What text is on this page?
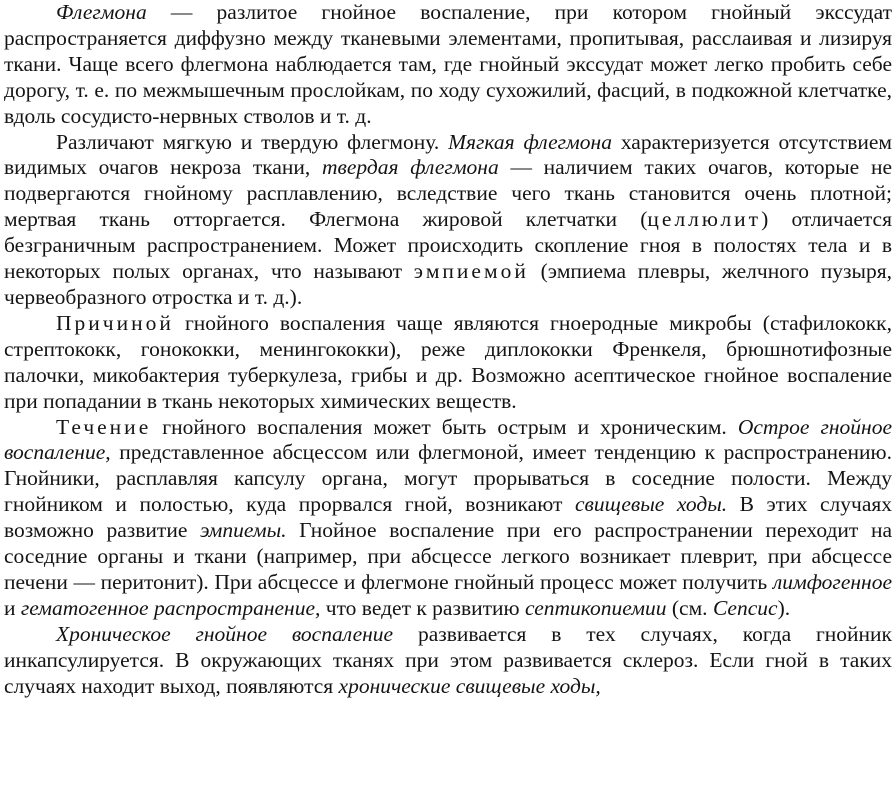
Флегмона — разлитое гнойное воспаление, при котором гнойный экссудат распространяется диффузно между тканевыми элементами, пропитывая, расслаивая и лизируя ткани. Чаще всего флегмона наблюдается там, где гнойный экссудат может легко пробить себе дорогу, т. е. по межмышечным прослойкам, по ходу сухожилий, фасций, в подкожной клетчатке, вдоль сосудисто-нервных стволов и т. д.

Различают мягкую и твердую флегмону. Мягкая флегмона характеризуется отсутствием видимых очагов некроза ткани, твердая флегмона — наличием таких очагов, которые не подвергаются гнойному расплавлению, вследствие чего ткань становится очень плотной; мертвая ткань отторгается. Флегмона жировой клетчатки (целлюлит) отличается безграничным распространением. Может происходить скопление гноя в полостях тела и в некоторых полых органах, что называют эмпиемой (эмпиема плевры, желчного пузыря, червеобразного отростка и т. д.).

Причиной гнойного воспаления чаще являются гноеродные микробы (стафилококк, стрептококк, гонококки, менингококки), реже диплококки Френкеля, брюшнотифозные палочки, микобактерия туберкулеза, грибы и др. Возможно асептическое гнойное воспаление при попадании в ткань некоторых химических веществ.

Течение гнойного воспаления может быть острым и хроническим. Острое гнойное воспаление, представленное абсцессом или флегмоной, имеет тенденцию к распространению. Гнойники, расплавляя капсулу органа, могут прорываться в соседние полости. Между гнойником и полостью, куда прорвался гной, возникают свищевые ходы. В этих случаях возможно развитие эмпиемы. Гнойное воспаление при его распространении переходит на соседние органы и ткани (например, при абсцессе легкого возникает плеврит, при абсцессе печени — перитонит). При абсцессе и флегмоне гнойный процесс может получить лимфогенное и гематогенное распространение, что ведет к развитию септикопиемии (см. Сепсис).

Хроническое гнойное воспаление развивается в тех случаях, когда гнойник инкапсулируется. В окружающих тканях при этом развивается склероз. Если гной в таких случаях находит выход, появляются хронические свищевые ходы,
